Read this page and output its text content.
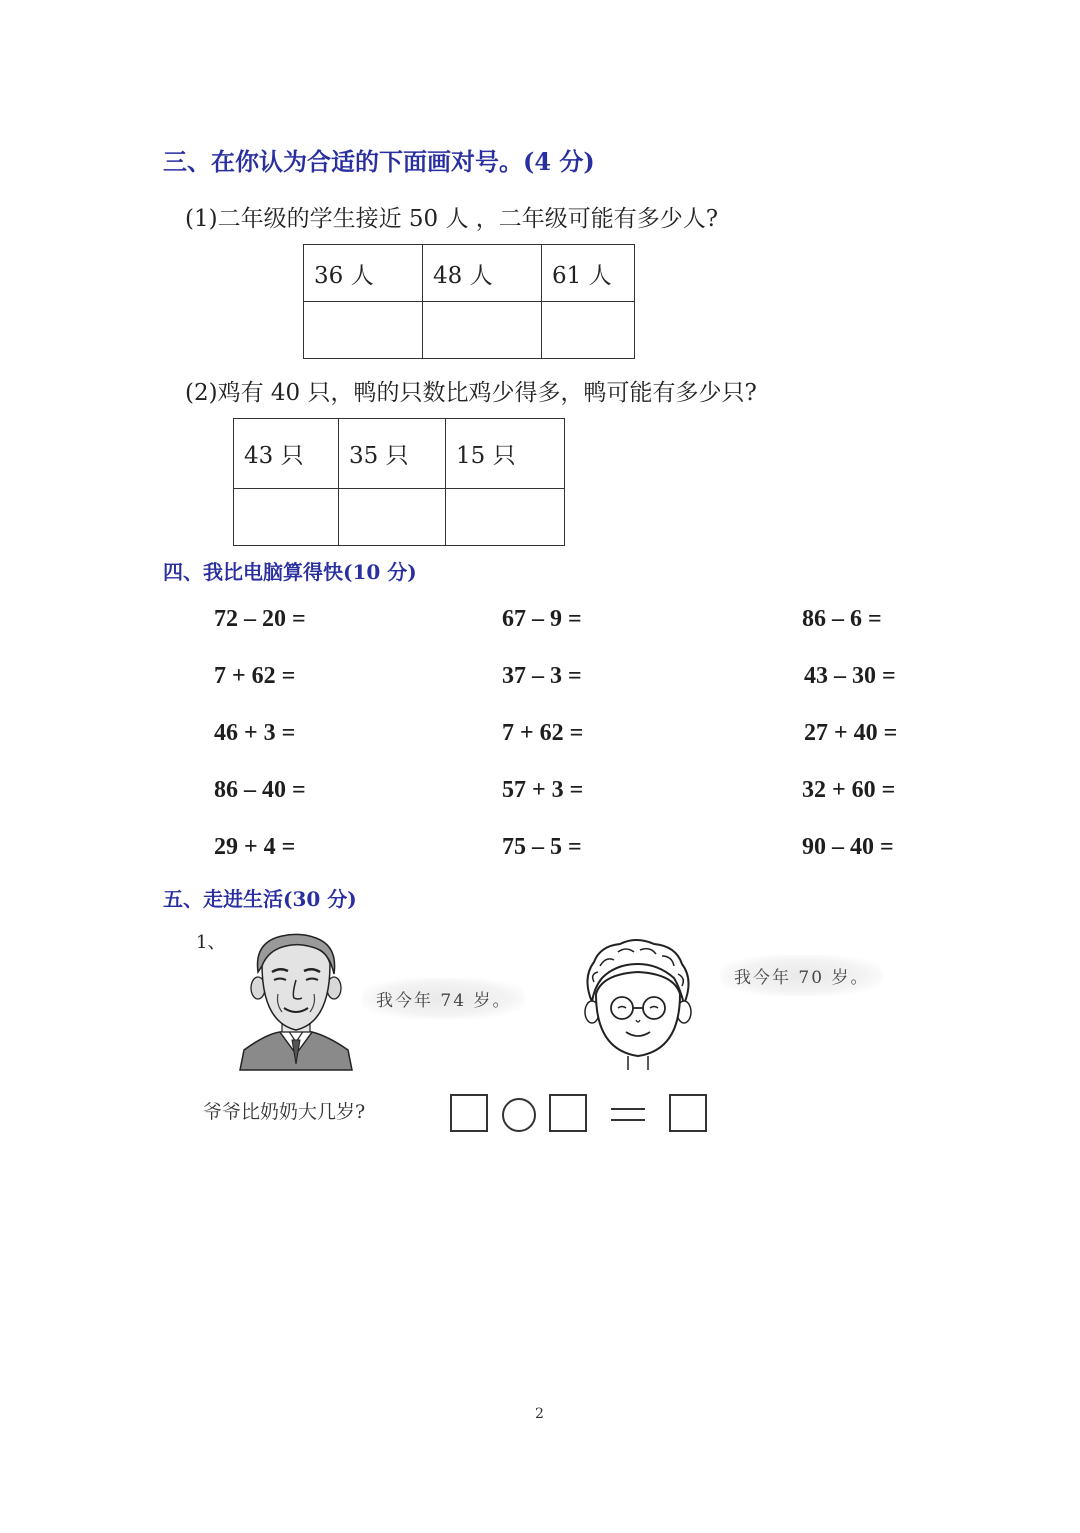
三、在你认为合适的下面画对号。(4 分)
(1)二年级的学生接近 50 人 ，二年级可能有多少人?
36 人	48 人	61 人

(2)鸡有 40 只，鸭的只数比鸡少得多，鸭可能有多少只?
43 只	35 只	15 只

四、我比电脑算得快(10 分)
72 – 20 =	67 – 9 =	86 – 6 =
7 + 62 =	37 – 3 =	43 – 30 =
46 + 3 =	7 + 62 =	27 + 40 =
86 – 40 =	57 + 3 =	32 + 60 =
29 + 4 =	75 – 5 =	90 – 40 =
五、走进生活(30 分)
1、
我今年 74 岁。
我今年 70 岁。
爷爷比奶奶大几岁?
2
